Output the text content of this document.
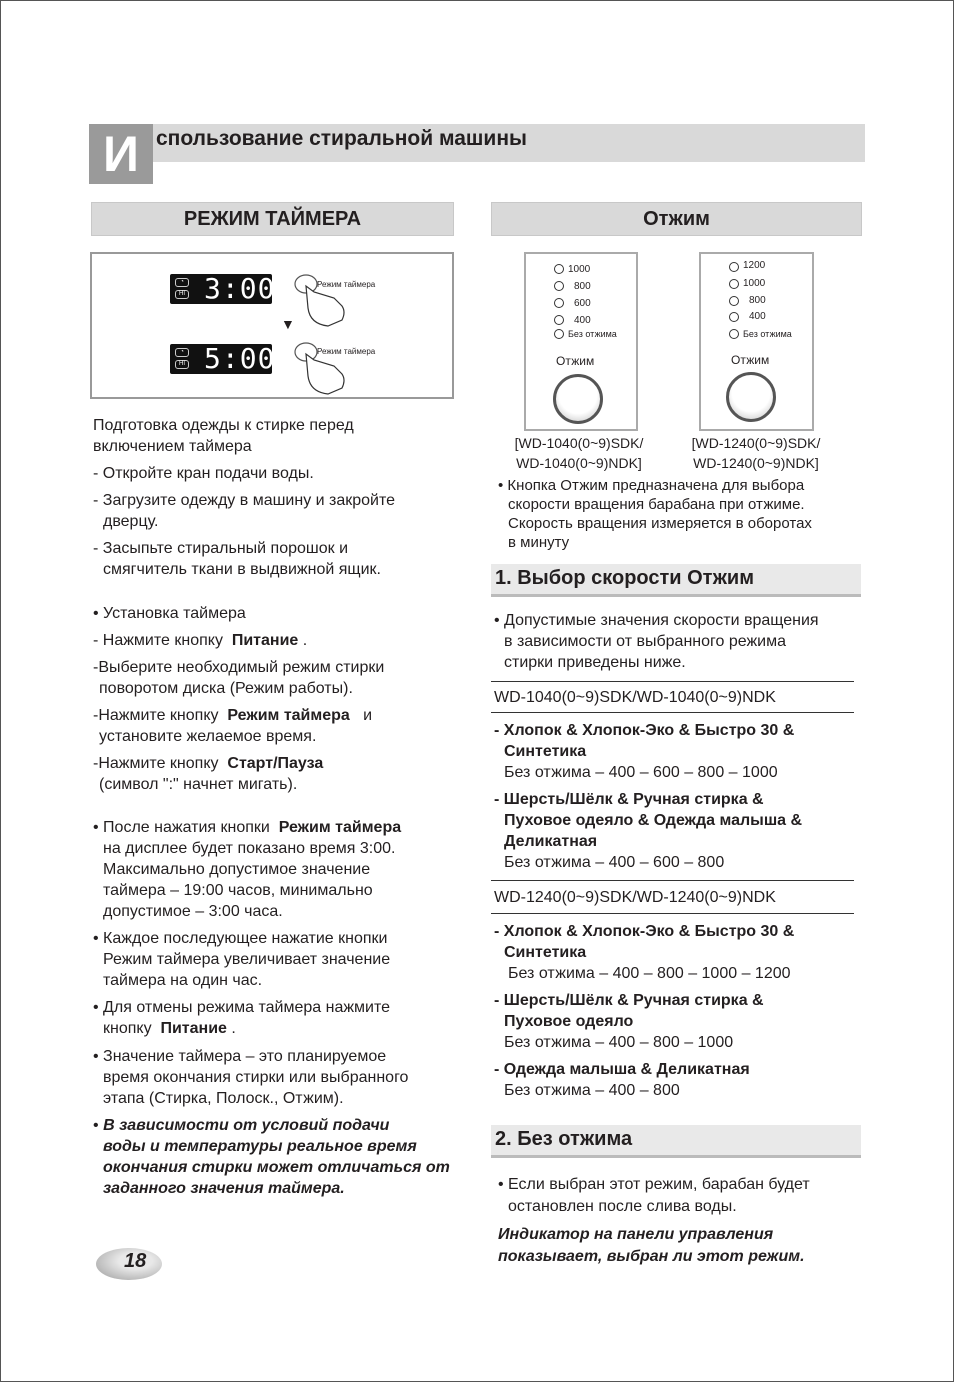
И спользование стиральной машины
РЕЖИМ ТАЙМЕРА
◔
HI 3:00
▼
◔
HI 5:00
Режим таймера
Режим таймера
Подготовка одежды к стирке перед
включением таймера
- Откройте кран подачи воды.
- Загрузите одежду в машину и закройте
дверцу.
- Засыпьте стиральный порошок и
смягчитель ткани в выдвижной ящик.
• Установка таймера
- Нажмите кнопку Питание .
-Выберите необходимый режим стирки
поворотом диска (Режим работы).
-Нажмите кнопку Режим таймера и
установите желаемое время.
-Нажмите кнопку Старт/Пауза
(символ ":" начнет мигать).
• После нажатия кнопки Режим таймера
на дисплее будет показано время 3:00.
Максимально допустимое значение
таймера – 19:00 часов, минимально
допустимое – 3:00 часа.
• Каждое последующее нажатие кнопки
Режим таймера увеличивает значение
таймера на один час.
• Для отмены режима таймера нажмите
кнопку Питание .
• Значение таймера – это планируемое
время окончания стирки или выбранного
этапа (Стирка, Полоск., Отжим).
• В зависимости от условий подачи
воды и температуры реальное время
окончания стирки может отличаться от
заданного значения таймера.
18
Отжим
1000
800
600
400
Без отжима
Отжим
[WD-1040(0~9)SDK/
WD-1040(0~9)NDK]
1200
1000
800
400
Без отжима
Отжим
[WD-1240(0~9)SDK/
WD-1240(0~9)NDK]
• Кнопка Отжим предназначена для выбора
скорости вращения барабана при отжиме.
Скорость вращения измеряется в оборотах
в минуту
1. Выбор скорости Отжим
• Допустимые значения скорости вращения
в зависимости от выбранного режима
стирки приведены ниже.
WD-1040(0~9)SDK/WD-1040(0~9)NDK
- Хлопок & Хлопок-Эко & Быстро 30 &
Синтетика
Без отжима – 400 – 600 – 800 – 1000
- Шерсть/Шёлк & Ручная стирка &
Пуховое одеяло & Одежда малыша &
Деликатная
Без отжима – 400 – 600 – 800
WD-1240(0~9)SDK/WD-1240(0~9)NDK
- Хлопок & Хлопок-Эко & Быстро 30 &
Синтетика
Без отжима – 400 – 800 – 1000 – 1200
- Шерсть/Шёлк & Ручная стирка &
Пуховое одеяло
Без отжима – 400 – 800 – 1000
- Одежда малыша & Деликатная
Без отжима – 400 – 800
2. Без отжима
• Если выбран этот режим, барабан будет
остановлен после слива воды.
Индикатор на панели управления
показывает, выбран ли этот режим.
